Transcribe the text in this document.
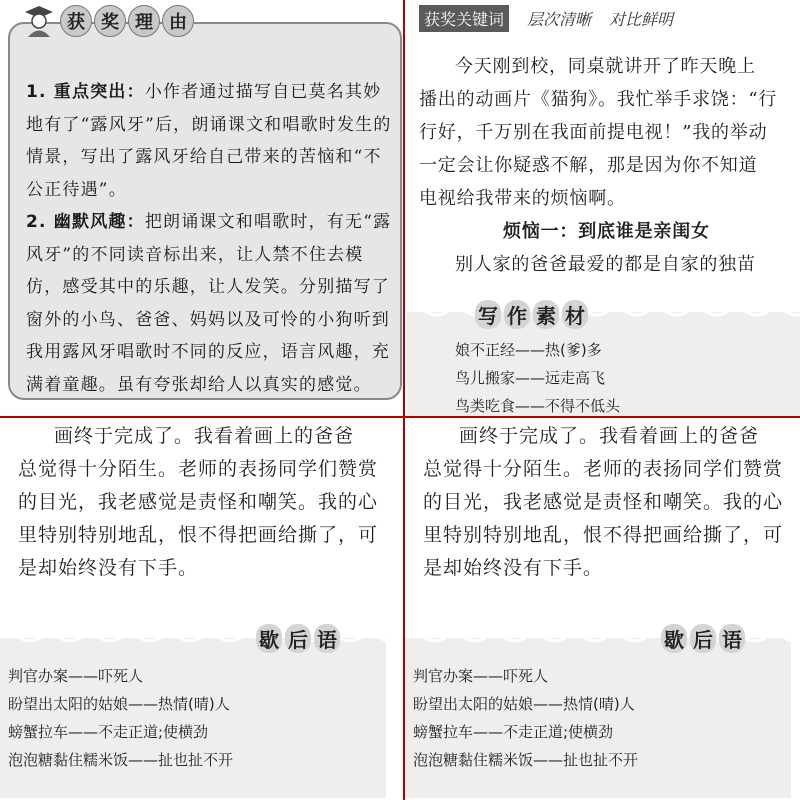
1. 重点突出：小作者通过描写自已莫名其妙地有了“露风牙”后，朗诵课文和唱歌时发生的情景，写出了露风牙给自己带来的苦恼和“不公正待遇”。

2. 幽默风趣：把朗诵课文和唱歌时，有无“露风牙”的不同读音标出来，让人禁不住去模仿，感受其中的乐趣，让人发笑。分别描写了窗外的小鸟、爸爸、妈妈以及可怜的小狗听到我用露风牙唱歌时不同的反应，语言风趣，充满着童趣。虽有夸张却给人以真实的感觉。

获 奖 理 由	获奖关键词	层次清晰 对比鲜明

今天刚到校，同桌就讲开了昨天晚上

播出的动画片《猫狗》。我忙举手求饶：“行

行好，千万别在我面前提电视！”我的举动

一定会让你疑惑不解，那是因为你不知道

电视给我带来的烦恼啊。

烦恼一：到底谁是亲闺女

别人家的爸爸最爱的都是自家的独苗

写 作 素 材
娘不正经——热(爹)多
鸟儿搬家——远走高飞
鸟类吃食——不得不低头

画终于完成了。我看着画上的爸爸

总觉得十分陌生。老师的表扬同学们赞赏

的目光，我老感觉是责怪和嘲笑。我的心

里特别特别地乱，恨不得把画给撕了，可

是却始终没有下手。

歇 后 语
判官办案——吓死人
盼望出太阳的姑娘——热情(晴)人
螃蟹拉车——不走正道;使横劲
泡泡糖黏住糯米饭——扯也扯不开

画终于完成了。我看着画上的爸爸

总觉得十分陌生。老师的表扬同学们赞赏

的目光，我老感觉是责怪和嘲笑。我的心

里特别特别地乱，恨不得把画给撕了，可

是却始终没有下手。

歇 后 语
判官办案——吓死人
盼望出太阳的姑娘——热情(晴)人
螃蟹拉车——不走正道;使横劲
泡泡糖黏住糯米饭——扯也扯不开
